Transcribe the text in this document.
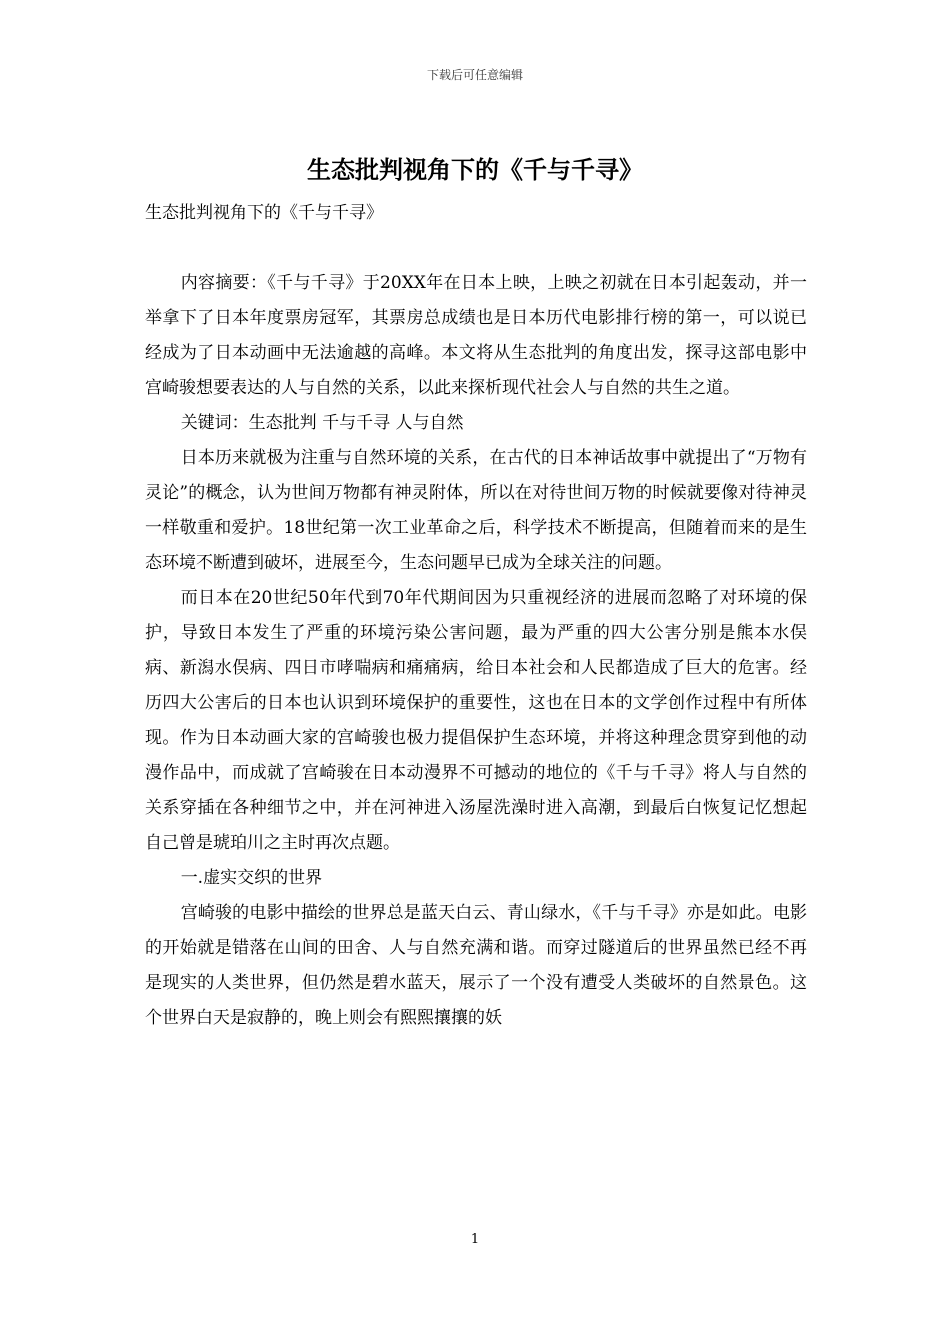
下载后可任意编辑
生态批判视角下的《千与千寻》

生态批判视角下的《千与千寻》

内容摘要：《千与千寻》于20XX年在日本上映，上映之初就在日本引起轰动，并一举拿下了日本年度票房冠军，其票房总成绩也是日本历代电影排行榜的第一，可以说已经成为了日本动画中无法逾越的高峰。本文将从生态批判的角度出发，探寻这部电影中宫崎骏想要表达的人与自然的关系，以此来探析现代社会人与自然的共生之道。

关键词：生态批判 千与千寻 人与自然

日本历来就极为注重与自然环境的关系，在古代的日本神话故事中就提出了“万物有灵论”的概念，认为世间万物都有神灵附体，所以在对待世间万物的时候就要像对待神灵一样敬重和爱护。18世纪第一次工业革命之后，科学技术不断提高，但随着而来的是生态环境不断遭到破坏，进展至今，生态问题早已成为全球关注的问题。

而日本在20世纪50年代到70年代期间因为只重视经济的进展而忽略了对环境的保护，导致日本发生了严重的环境污染公害问题，最为严重的四大公害分别是熊本水俣病、新潟水俣病、四日市哮喘病和痛痛病，给日本社会和人民都造成了巨大的危害。经历四大公害后的日本也认识到环境保护的重要性，这也在日本的文学创作过程中有所体现。作为日本动画大家的宫崎骏也极力提倡保护生态环境，并将这种理念贯穿到他的动漫作品中，而成就了宫崎骏在日本动漫界不可撼动的地位的《千与千寻》将人与自然的关系穿插在各种细节之中，并在河神进入汤屋洗澡时进入高潮，到最后白恢复记忆想起自己曾是琥珀川之主时再次点题。

一.虚实交织的世界

宫崎骏的电影中描绘的世界总是蓝天白云、青山绿水，《千与千寻》亦是如此。电影的开始就是错落在山间的田舍、人与自然充满和谐。而穿过隧道后的世界虽然已经不再是现实的人类世界，但仍然是碧水蓝天，展示了一个没有遭受人类破坏的自然景色。这个世界白天是寂静的，晚上则会有熙熙攘攘的妖

1
